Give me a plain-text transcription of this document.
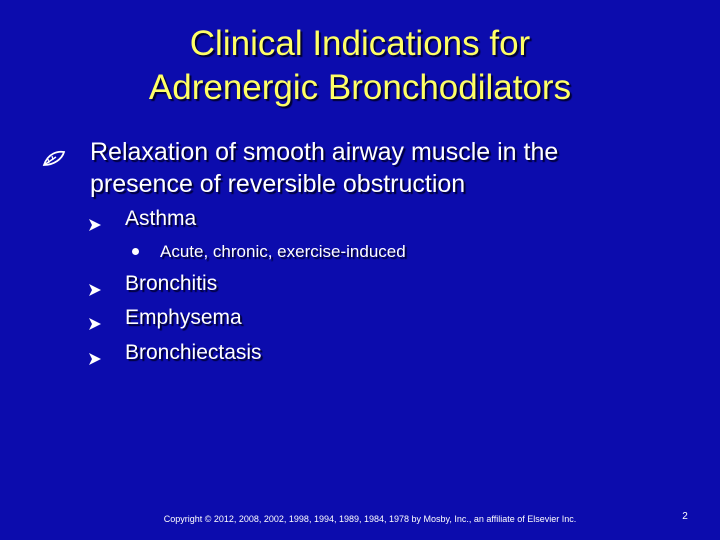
Clinical Indications for
Adrenergic Bronchodilators
Relaxation of smooth airway muscle in the presence of reversible obstruction
Asthma
Acute, chronic, exercise-induced
Bronchitis
Emphysema
Bronchiectasis
Copyright © 2012, 2008, 2002, 1998, 1994, 1989, 1984, 1978 by Mosby, Inc., an affiliate of Elsevier Inc.	2
